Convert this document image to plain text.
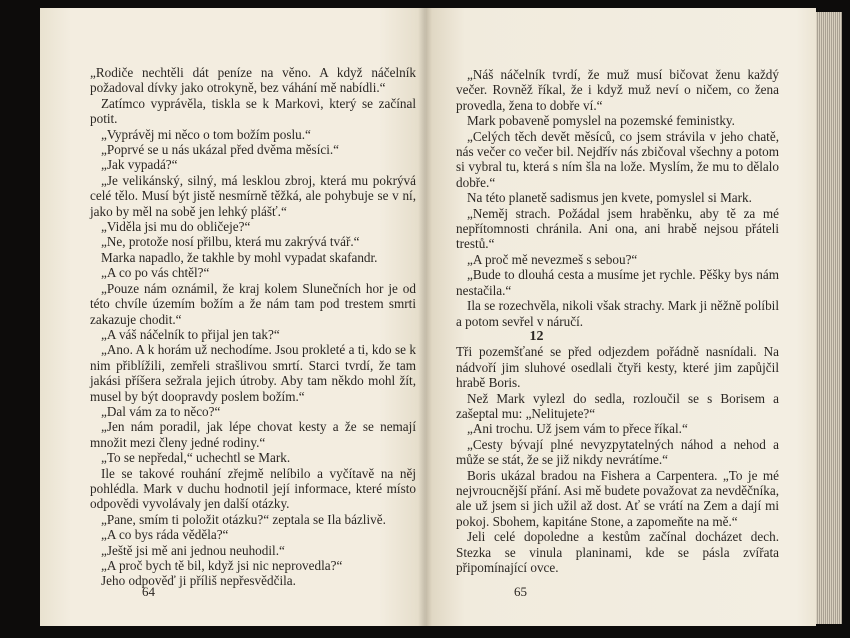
„Rodiče nechtěli dát peníze na věno. A když náčelník požadoval dívky jako otrokyně, bez váhání mě nabídli.“

Zatímco vyprávěla, tiskla se k Markovi, který se začínal potit.

„Vyprávěj mi něco o tom božím poslu.“

„Poprvé se u nás ukázal před dvěma měsíci.“

„Jak vypadá?“

„Je velikánský, silný, má lesklou zbroj, která mu pokrývá celé tělo. Musí být jistě nesmírně těžká, ale pohybuje se v ní, jako by měl na sobě jen lehký plášť.“

„Viděla jsi mu do obličeje?“

„Ne, protože nosí přilbu, která mu zakrývá tvář.“

Marka napadlo, že takhle by mohl vypadat skafandr.

„A co po vás chtěl?“

„Pouze nám oznámil, že kraj kolem Slunečních hor je od této chvíle územím božím a že nám tam pod trestem smrti zakazuje chodit.“

„A váš náčelník to přijal jen tak?“

„Ano. A k horám už nechodíme. Jsou prokleté a ti, kdo se k nim přiblížili, zemřeli strašlivou smrtí. Starci tvrdí, že tam jakási příšera sežrala jejich útroby. Aby tam někdo mohl žít, musel by být doopravdy poslem božím.“

„Dal vám za to něco?“

„Jen nám poradil, jak lépe chovat kesty a že se nemají množit mezi členy jedné rodiny.“

„To se nepředal,“ uchechtl se Mark.

Ile se takové rouhání zřejmě nelíbilo a vyčítavě na něj pohlédla. Mark v duchu hodnotil její informace, které místo odpovědi vyvolávaly jen další otázky.

„Pane, smím ti položit otázku?“ zeptala se Ila bázlivě.

„A co bys ráda věděla?“

„Ještě jsi mě ani jednou neuhodil.“

„A proč bych tě bil, když jsi nic neprovedla?“

Jeho odpověď ji příliš nepřesvědčila.

64

„Náš náčelník tvrdí, že muž musí bičovat ženu každý večer. Rovněž říkal, že i když muž neví o ničem, co žena provedla, žena to dobře ví.“

Mark pobaveně pomyslel na pozemské feministky.

„Celých těch devět měsíců, co jsem strávila v jeho chatě, nás večer co večer bil. Nejdřív nás zbičoval všechny a potom si vybral tu, která s ním šla na lože. Myslím, že mu to dělalo dobře.“

Na této planetě sadismus jen kvete, pomyslel si Mark.

„Neměj strach. Požádal jsem hraběnku, aby tě za mé nepřítomnosti chránila. Ani ona, ani hrabě nejsou přáteli trestů.“

„A proč mě nevezmeš s sebou?“

„Bude to dlouhá cesta a musíme jet rychle. Pěšky bys nám nestačila.“

Ila se rozechvěla, nikoli však strachy. Mark ji něžně políbil a potom sevřel v náručí.

12

Tři pozemšťané se před odjezdem pořádně nasnídali. Na nádvoří jim sluhové osedlali čtyři kesty, které jim zapůjčil hrabě Boris.

Než Mark vylezl do sedla, rozloučil se s Borisem a zašeptal mu: „Nelitujete?“

„Ani trochu. Už jsem vám to přece říkal.“

„Cesty bývají plné nevyzpytatelných náhod a nehod a může se stát, že se již nikdy nevrátíme.“

Boris ukázal bradou na Fishera a Carpentera. „To je mé nejvroucnější přání. Asi mě budete považovat za nevděčníka, ale už jsem si jich užil až dost. Ať se vrátí na Zem a dají mi pokoj. Sbohem, kapitáne Stone, a zapomeňte na mě.“

Jeli celé dopoledne a kestům začínal docházet dech. Stezka se vinula planinami, kde se pásla zvířata připomínající ovce.

65
